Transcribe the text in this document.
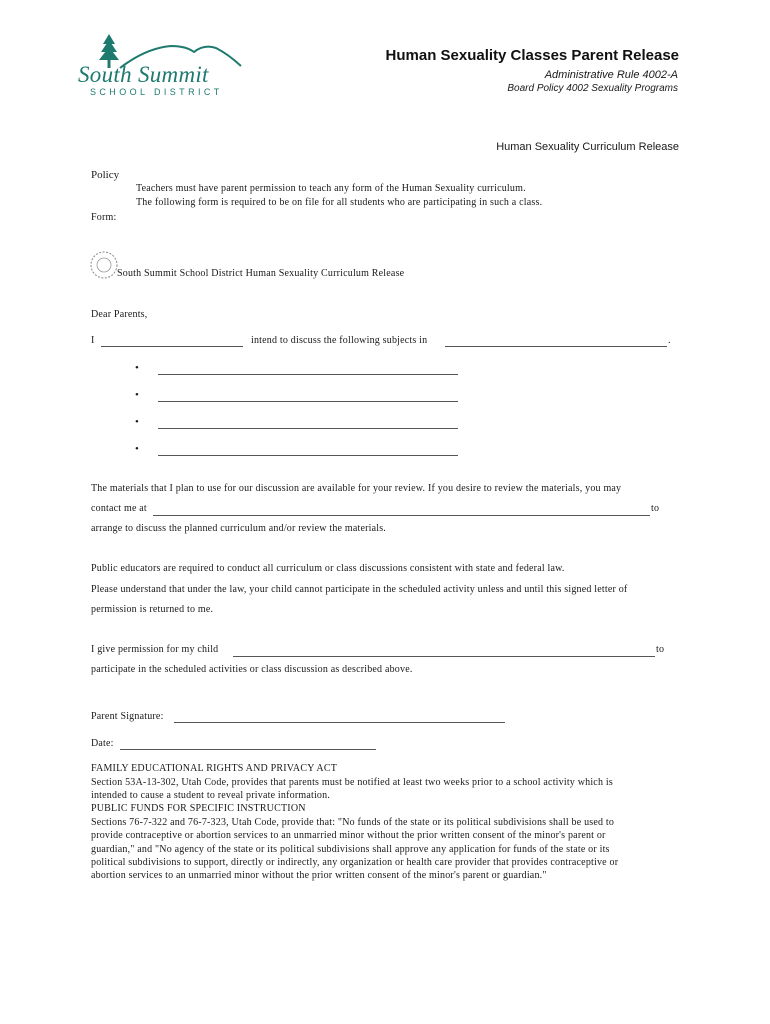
South Summit
SCHOOL DISTRICT
Human Sexuality Classes Parent Release
Administrative Rule 4002-A
Board Policy 4002 Sexuality Programs
Human Sexuality Curriculum Release
Policy
Teachers must have parent permission to teach any form of the Human Sexuality curriculum.
The following form is required to be on file for all students who are participating in such a class.
Form:
South Summit School District Human Sexuality Curriculum Release
Dear Parents,
I	intend to discuss the following subjects in	.
•
•
•
•
The materials that I plan to use for our discussion are available for your review. If you desire to review the materials, you may
contact me at	to
arrange to discuss the planned curriculum and/or review the materials.
Public educators are required to conduct all curriculum or class discussions consistent with state and federal law.
Please understand that under the law, your child cannot participate in the scheduled activity unless and until this signed letter of
permission is returned to me.
I give permission for my child	to
participate in the scheduled activities or class discussion as described above.
Parent Signature:
Date:
FAMILY EDUCATIONAL RIGHTS AND PRIVACY ACT
Section 53A-13-302, Utah Code, provides that parents must be notified at least two weeks prior to a school activity which is
intended to cause a student to reveal private information.
PUBLIC FUNDS FOR SPECIFIC INSTRUCTION
Sections 76-7-322 and 76-7-323, Utah Code, provide that: "No funds of the state or its political subdivisions shall be used to
provide contraceptive or abortion services to an unmarried minor without the prior written consent of the minor's parent or
guardian," and "No agency of the state or its political subdivisions shall approve any application for funds of the state or its
political subdivisions to support, directly or indirectly, any organization or health care provider that provides contraceptive or
abortion services to an unmarried minor without the prior written consent of the minor's parent or guardian."
